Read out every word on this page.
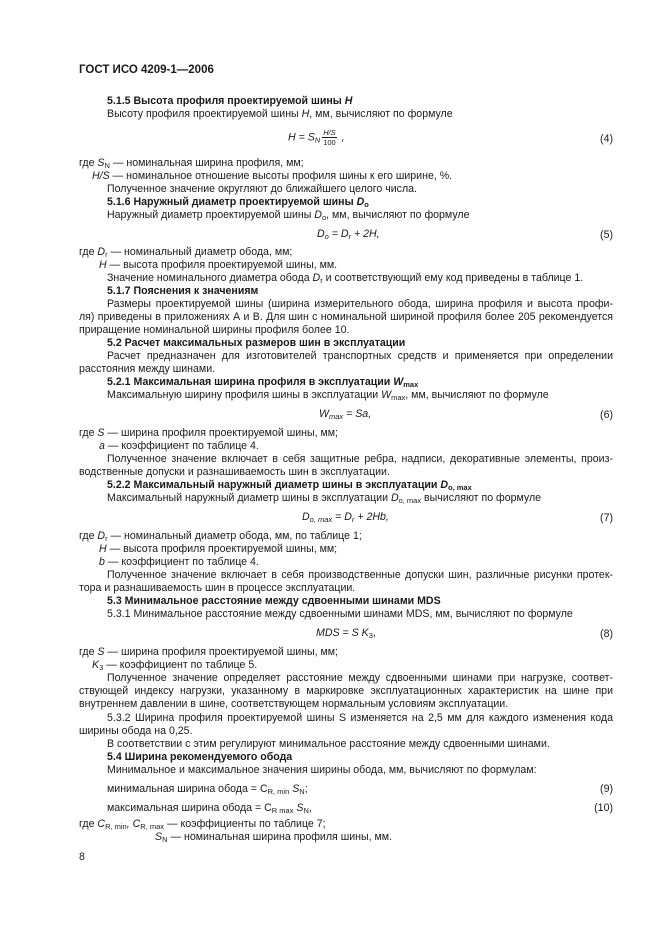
ГОСТ ИСО 4209-1—2006
5.1.5 Высота профиля проектируемой шины H
Высоту профиля проектируемой шины H, мм, вычисляют по формуле
$H = S_N \frac{H/S}{100}$ ,	(4)
где $S_N$ — номинальная ширина профиля, мм;
H/S — номинальное отношение высоты профиля шины к его ширине, %.
Полученное значение округляют до ближайшего целого числа.
5.1.6 Наружный диаметр проектируемой шины $D_o$
Наружный диаметр проектируемой шины $D_o$, мм, вычисляют по формуле
$D_o = D_r + 2H$,	(5)
где $D_r$ — номинальный диаметр обода, мм;
H — высота профиля проектируемой шины, мм.
Значение номинального диаметра обода $D_r$ и соответствующий ему код приведены в таблице 1.
5.1.7 Пояснения к значениям
Размеры проектируемой шины (ширина измерительного обода, ширина профиля и высота профи-
ля) приведены в приложениях А и В. Для шин с номинальной шириной профиля более 205 рекомендуется
приращение номинальной ширины профиля более 10.
5.2 Расчет максимальных размеров шин в эксплуатации
Расчет предназначен для изготовителей транспортных средств и применяется при определении
расстояния между шинами.
5.2.1 Максимальная ширина профиля в эксплуатации $W_{max}$
Максимальную ширину профиля шины в эксплуатации $W_{max}$, мм, вычисляют по формуле
$W_{max} = Sa$,	(6)
где S — ширина профиля проектируемой шины, мм;
a — коэффициент по таблице 4.
Полученное значение включает в себя защитные ребра, надписи, декоративные элементы, произ-
водственные допуски и разнашиваемость шин в эксплуатации.
5.2.2 Максимальный наружный диаметр шины в эксплуатации $D_{o, max}$
Максимальный наружный диаметр шины в эксплуатации $D_{o, max}$ вычисляют по формуле
$D_{o, max} = D_r + 2Hb$,	(7)
где $D_r$ — номинальный диаметр обода, мм, по таблице 1;
H — высота профиля проектируемой шины, мм;
b — коэффициент по таблице 4.
Полученное значение включает в себя производственные допуски шин, различные рисунки протек-
тора и разнашиваемость шин в процессе эксплуатации.
5.3 Минимальное расстояние между сдвоенными шинами MDS
5.3.1 Минимальное расстояние между сдвоенными шинами MDS, мм, вычисляют по формуле
MDS = S $K_3$,	(8)
где S — ширина профиля проектируемой шины, мм;
$K_3$ — коэффициент по таблице 5.
Полученное значение определяет расстояние между сдвоенными шинами при нагрузке, соответ-
ствующей индексу нагрузки, указанному в маркировке эксплуатационных характеристик на шине при
внутреннем давлении в шине, соответствующем нормальным условиям эксплуатации.
5.3.2 Ширина профиля проектируемой шины S изменяется на 2,5 мм для каждого изменения кода
ширины обода на 0,25.
В соответствии с этим регулируют минимальное расстояние между сдвоенными шинами.
5.4 Ширина рекомендуемого обода
Минимальное и максимальное значения ширины обода, мм, вычисляют по формулам:
минимальная ширина обода = $C_{R, min}$ $S_N$;	(9)
максимальная ширина обода = $C_{R max}$ $S_N$,	(10)
где $C_{R, min}$, $C_{R, max}$ — коэффициенты по таблице 7;
$S_N$ — номинальная ширина профиля шины, мм.
8
